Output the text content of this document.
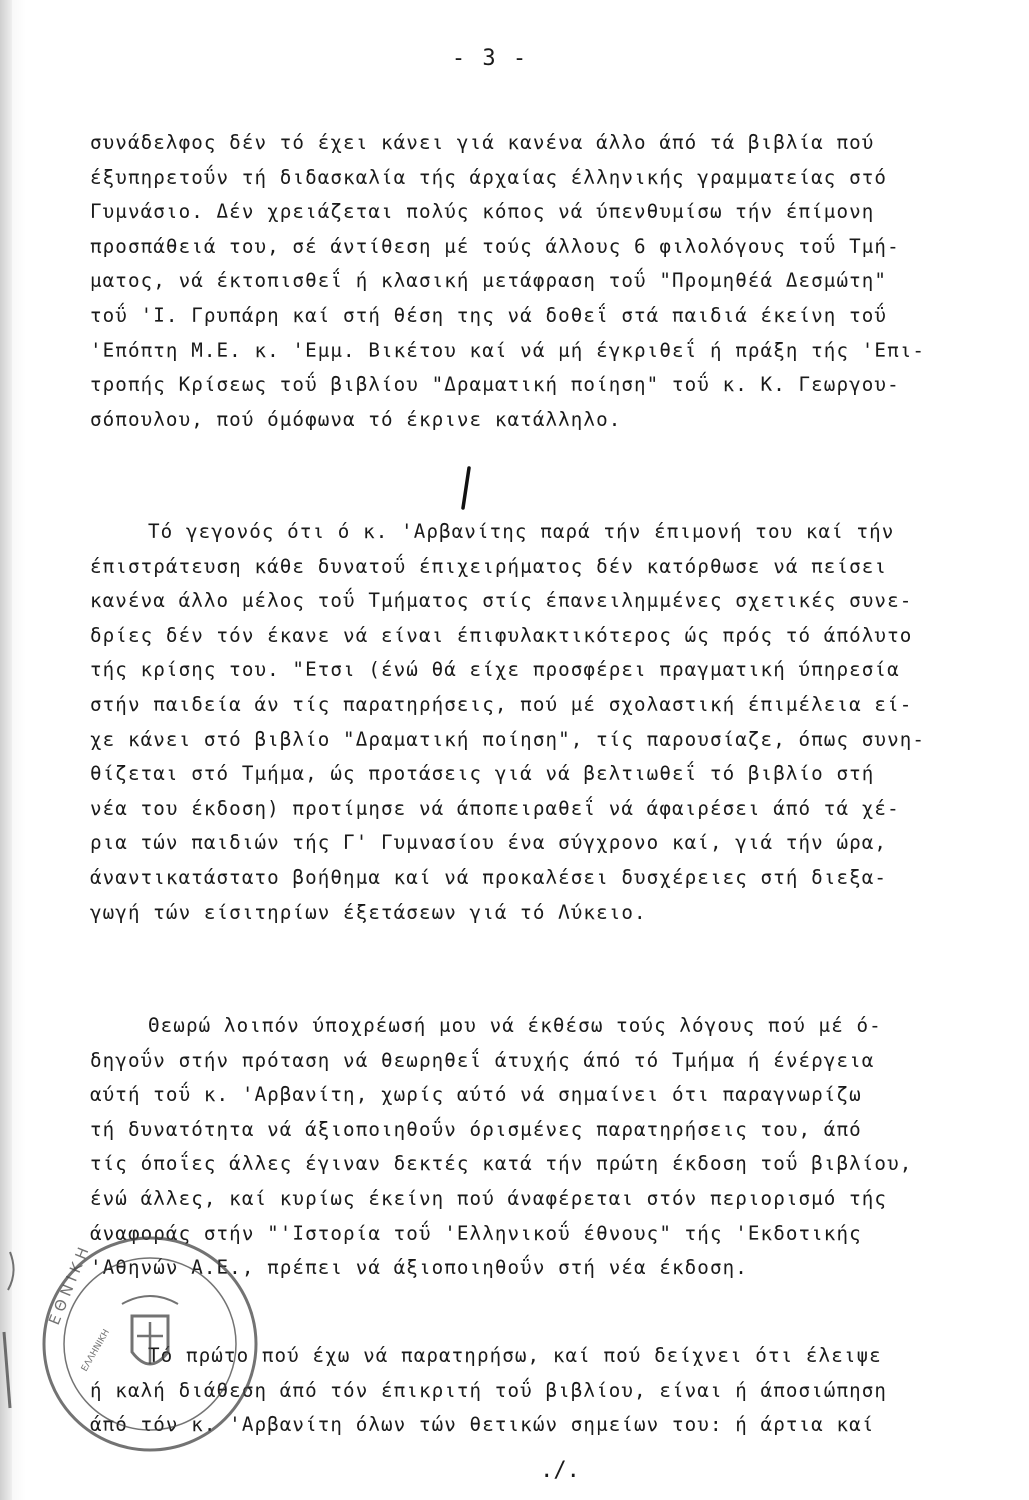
- 3 -
συνάδελφος δέν τό έχει κάνει γιά κανένα άλλο άπό τά βιβλία πού
έξυπηρετοΰν τή διδασκαλία τής άρχαίας έλληνικής γραμματείας στό
Γυμνάσιο. Δέν χρειάζεται πολύς κόπος νά ύπενθυμίσω τήν έπίμονη
προσπάθειά του, σέ άντίθεση μέ τούς άλλους 6 φιλολόγους τοΰ Τμή-
ματος, νά έκτοπισθεΐ ή κλασική μετάφραση τοΰ "Προμηθέά Δεσμώτη"
τοΰ 'Ι. Γρυπάρη καί στή θέση της νά δοθεΐ στά παιδιά έκείνη τοΰ
'Επόπτη Μ.Ε. κ. 'Εμμ. Βικέτου καί νά μή έγκριθεΐ ή πράξη τής 'Επι-
τροπής Κρίσεως τοΰ βιβλίου "Δραματική ποίηση" τοΰ κ. Κ. Γεωργου-
σόπουλου, πού όμόφωνα τό έκρινε κατάλληλο.
Τό γεγονός ότι ό κ. 'Αρβανίτης παρά τήν έπιμονή του καί τήν
έπιστράτευση κάθε δυνατοΰ έπιχειρήματος δέν κατόρθωσε νά πείσει
κανένα άλλο μέλος τοΰ Τμήματος στίς έπανειλημμένες σχετικές συνε-
δρίες δέν τόν έκανε νά είναι έπιφυλακτικότερος ώς πρός τό άπόλυτο
τής κρίσης του. "Ετσι (ένώ θά είχε προσφέρει πραγματική ύπηρεσία
στήν παιδεία άν τίς παρατηρήσεις, πού μέ σχολαστική έπιμέλεια εί-
χε κάνει στό βιβλίο "Δραματική ποίηση", τίς παρουσίαζε, όπως συνη-
θίζεται στό Τμήμα, ώς προτάσεις γιά νά βελτιωθεΐ τό βιβλίο στή
νέα του έκδοση) προτίμησε νά άποπειραθεΐ νά άφαιρέσει άπό τά χέ-
ρια τών παιδιών τής Γ' Γυμνασίου ένα σύγχρονο καί, γιά τήν ώρα,
άναντικατάστατο βοήθημα καί νά προκαλέσει δυσχέρειες στή διεξα-
γωγή τών είσιτηρίων έξετάσεων γιά τό Λύκειο.
Θεωρώ λοιπόν ύποχρέωσή μου νά έκθέσω τούς λόγους πού μέ ό-
δηγοΰν στήν πρόταση νά θεωρηθεΐ άτυχής άπό τό Τμήμα ή ένέργεια
αύτή τοΰ κ. 'Αρβανίτη, χωρίς αύτό νά σημαίνει ότι παραγνωρίζω
τή δυνατότητα νά άξιοποιηθοΰν όρισμένες παρατηρήσεις του, άπό
τίς όποΐες άλλες έγιναν δεκτές κατά τήν πρώτη έκδοση τοΰ βιβλίου,
ένώ άλλες, καί κυρίως έκείνη πού άναφέρεται στόν περιορισμό τής
άναφοράς στήν "'Ιστορία τοΰ 'Ελληνικοΰ έθνους" τής 'Εκδοτικής
'Αθηνών Α.Ε., πρέπει νά άξιοποιηθοΰν στή νέα έκδοση.
Τό πρώτο πού έχω νά παρατηρήσω, καί πού δείχνει ότι έλειψε
ή καλή διάθεση άπό τόν έπικριτή τοΰ βιβλίου, είναι ή άποσιώπηση
άπό τόν κ. 'Αρβανίτη όλων τών θετικών σημείων του: ή άρτια καί
./.
Ε Θ Ν Ι Κ Η
ΕΛΛΗΝΙΚΗ
